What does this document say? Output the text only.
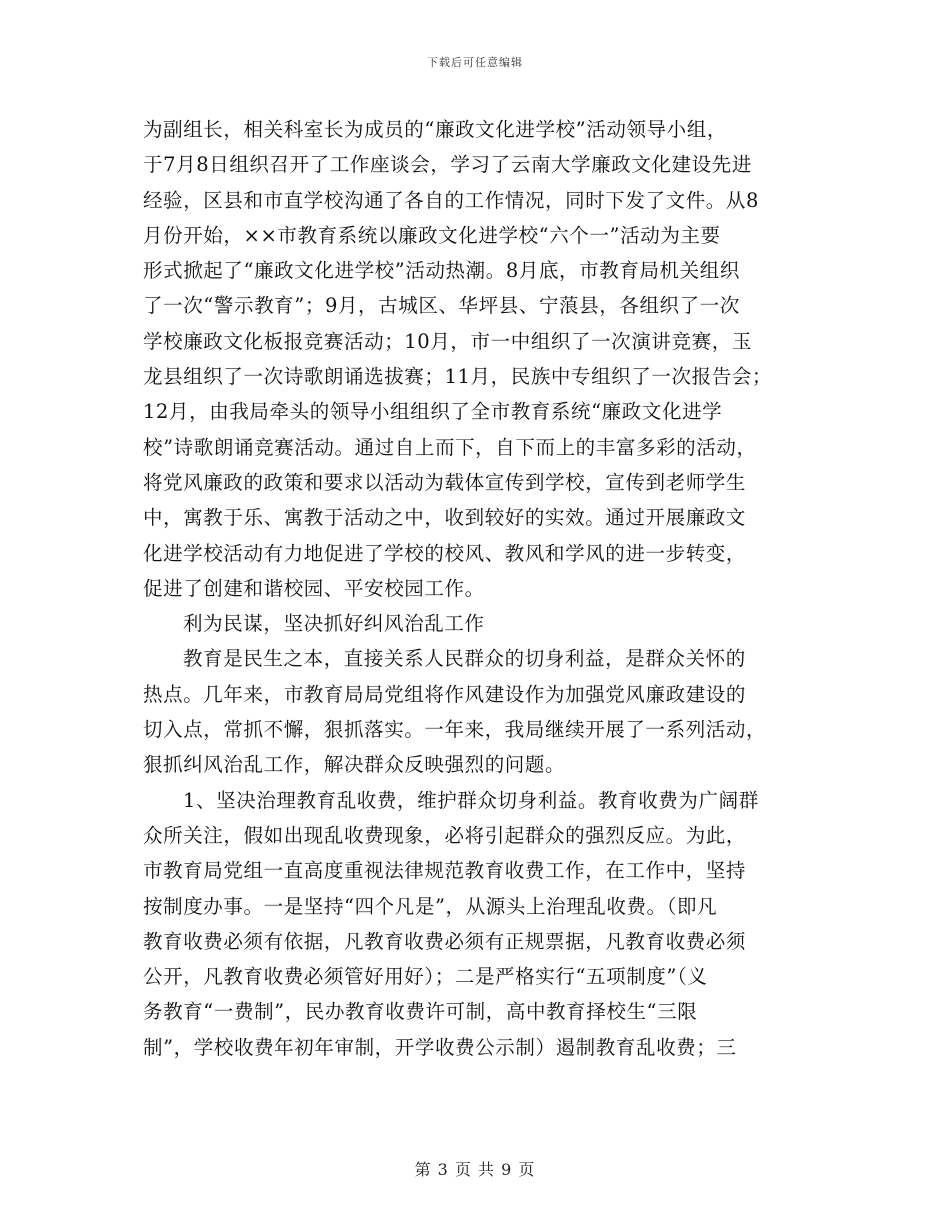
下载后可任意编辑
为副组长，相关科室长为成员的“廉政文化进学校”活动领导小组，
于7月8日组织召开了工作座谈会，学习了云南大学廉政文化建设先进
经验，区县和市直学校沟通了各自的工作情况，同时下发了文件。从8
月份开始，××市教育系统以廉政文化进学校“六个一”活动为主要
形式掀起了“廉政文化进学校”活动热潮。8月底，市教育局机关组织
了一次“警示教育”；9月，古城区、华坪县、宁蒗县，各组织了一次
学校廉政文化板报竞赛活动；10月，市一中组织了一次演讲竞赛，玉
龙县组织了一次诗歌朗诵选拔赛；11月，民族中专组织了一次报告会；
12月，由我局牵头的领导小组组织了全市教育系统“廉政文化进学
校”诗歌朗诵竞赛活动。通过自上而下，自下而上的丰富多彩的活动，
将党风廉政的政策和要求以活动为载体宣传到学校，宣传到老师学生
中，寓教于乐、寓教于活动之中，收到较好的实效。通过开展廉政文
化进学校活动有力地促进了学校的校风、教风和学风的进一步转变，
促进了创建和谐校园、平安校园工作。
利为民谋，坚决抓好纠风治乱工作
教育是民生之本，直接关系人民群众的切身利益，是群众关怀的
热点。几年来，市教育局局党组将作风建设作为加强党风廉政建设的
切入点，常抓不懈，狠抓落实。一年来，我局继续开展了一系列活动，
狠抓纠风治乱工作，解决群众反映强烈的问题。
1、坚决治理教育乱收费，维护群众切身利益。教育收费为广阔群
众所关注，假如出现乱收费现象，必将引起群众的强烈反应。为此，
市教育局党组一直高度重视法律规范教育收费工作，在工作中，坚持
按制度办事。一是坚持“四个凡是”，从源头上治理乱收费。（即凡
教育收费必须有依据，凡教育收费必须有正规票据，凡教育收费必须
公开，凡教育收费必须管好用好）；二是严格实行“五项制度”（义
务教育“一费制”，民办教育收费许可制，高中教育择校生“三限
制”，学校收费年初年审制，开学收费公示制）遏制教育乱收费；三
第 3 页 共 9 页
